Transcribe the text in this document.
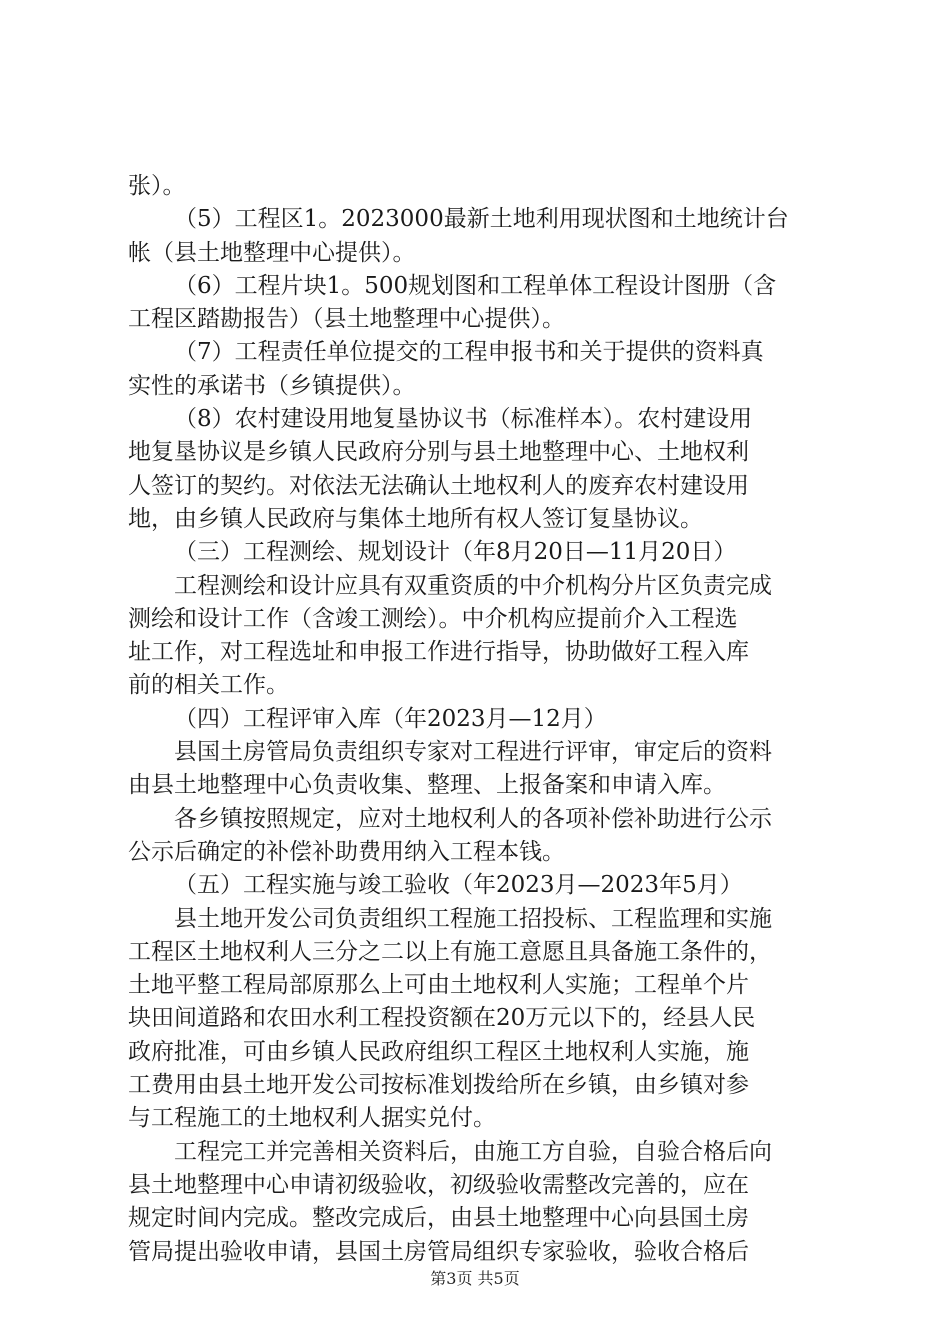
张）。

（5）工程区1。2023000最新土地利用现状图和土地统计台

帐（县土地整理中心提供）。

（6）工程片块1。500规划图和工程单体工程设计图册（含

工程区踏勘报告）（县土地整理中心提供）。

（7）工程责任单位提交的工程申报书和关于提供的资料真

实性的承诺书（乡镇提供）。

（8）农村建设用地复垦协议书（标准样本）。农村建设用

地复垦协议是乡镇人民政府分别与县土地整理中心、土地权利

人签订的契约。对依法无法确认土地权利人的废弃农村建设用

地，由乡镇人民政府与集体土地所有权人签订复垦协议。

（三）工程测绘、规划设计（年8月20日—11月20日）

工程测绘和设计应具有双重资质的中介机构分片区负责完成

测绘和设计工作（含竣工测绘）。中介机构应提前介入工程选

址工作，对工程选址和申报工作进行指导，协助做好工程入库

前的相关工作。

（四）工程评审入库（年2023月—12月）

县国土房管局负责组织专家对工程进行评审，审定后的资料

由县土地整理中心负责收集、整理、上报备案和申请入库。

各乡镇按照规定，应对土地权利人的各项补偿补助进行公示

公示后确定的补偿补助费用纳入工程本钱。

（五）工程实施与竣工验收（年2023月—2023年5月）

县土地开发公司负责组织工程施工招投标、工程监理和实施

工程区土地权利人三分之二以上有施工意愿且具备施工条件的，

土地平整工程局部原那么上可由土地权利人实施；工程单个片

块田间道路和农田水利工程投资额在20万元以下的，经县人民

政府批准，可由乡镇人民政府组织工程区土地权利人实施，施

工费用由县土地开发公司按标准划拨给所在乡镇，由乡镇对参

与工程施工的土地权利人据实兑付。

工程完工并完善相关资料后，由施工方自验，自验合格后向

县土地整理中心申请初级验收，初级验收需整改完善的，应在

规定时间内完成。整改完成后，由县土地整理中心向县国土房

管局提出验收申请，县国土房管局组织专家验收，验收合格后

第3页 共5页
